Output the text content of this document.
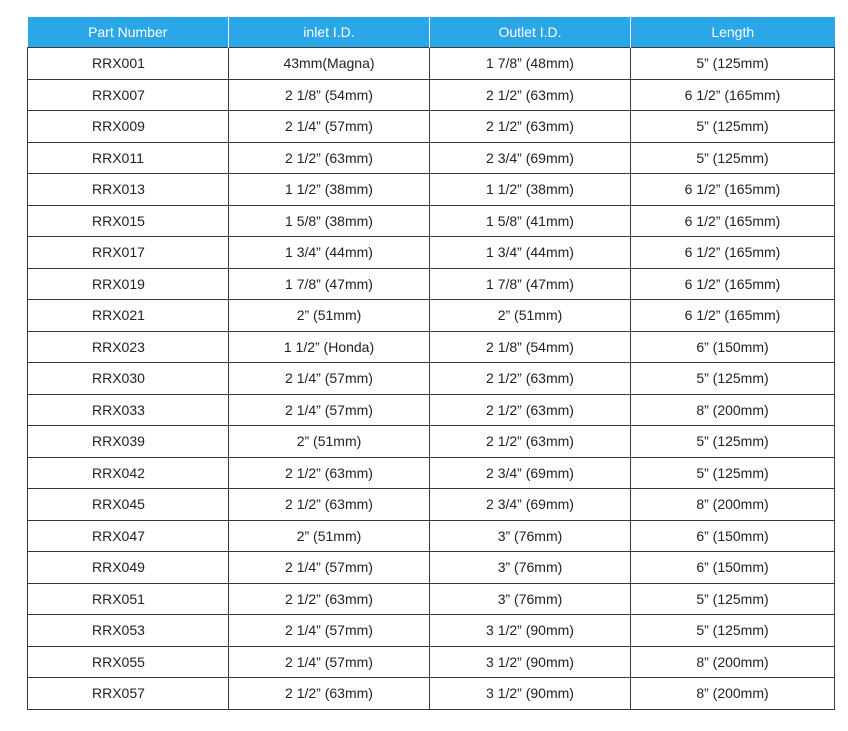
Part Number	inlet I.D.	Outlet I.D.	Length
RRX001	43mm(Magna)	1 7/8” (48mm)	5” (125mm)
RRX007	2 1/8” (54mm)	2 1/2” (63mm)	6 1/2” (165mm)
RRX009	2 1/4” (57mm)	2 1/2” (63mm)	5” (125mm)
RRX011	2 1/2” (63mm)	2 3/4” (69mm)	5” (125mm)
RRX013	1 1/2” (38mm)	1 1/2” (38mm)	6 1/2” (165mm)
RRX015	1 5/8” (38mm)	1 5/8” (41mm)	6 1/2” (165mm)
RRX017	1 3/4” (44mm)	1 3/4” (44mm)	6 1/2” (165mm)
RRX019	1 7/8” (47mm)	1 7/8” (47mm)	6 1/2” (165mm)
RRX021	2” (51mm)	2” (51mm)	6 1/2” (165mm)
RRX023	1 1/2” (Honda)	2 1/8” (54mm)	6” (150mm)
RRX030	2 1/4” (57mm)	2 1/2” (63mm)	5” (125mm)
RRX033	2 1/4” (57mm)	2 1/2” (63mm)	8” (200mm)
RRX039	2” (51mm)	2 1/2” (63mm)	5” (125mm)
RRX042	2 1/2” (63mm)	2 3/4” (69mm)	5” (125mm)
RRX045	2 1/2” (63mm)	2 3/4” (69mm)	8” (200mm)
RRX047	2” (51mm)	3” (76mm)	6” (150mm)
RRX049	2 1/4” (57mm)	3” (76mm)	6” (150mm)
RRX051	2 1/2” (63mm)	3” (76mm)	5” (125mm)
RRX053	2 1/4” (57mm)	3 1/2” (90mm)	5” (125mm)
RRX055	2 1/4” (57mm)	3 1/2” (90mm)	8” (200mm)
RRX057	2 1/2” (63mm)	3 1/2” (90mm)	8” (200mm)
